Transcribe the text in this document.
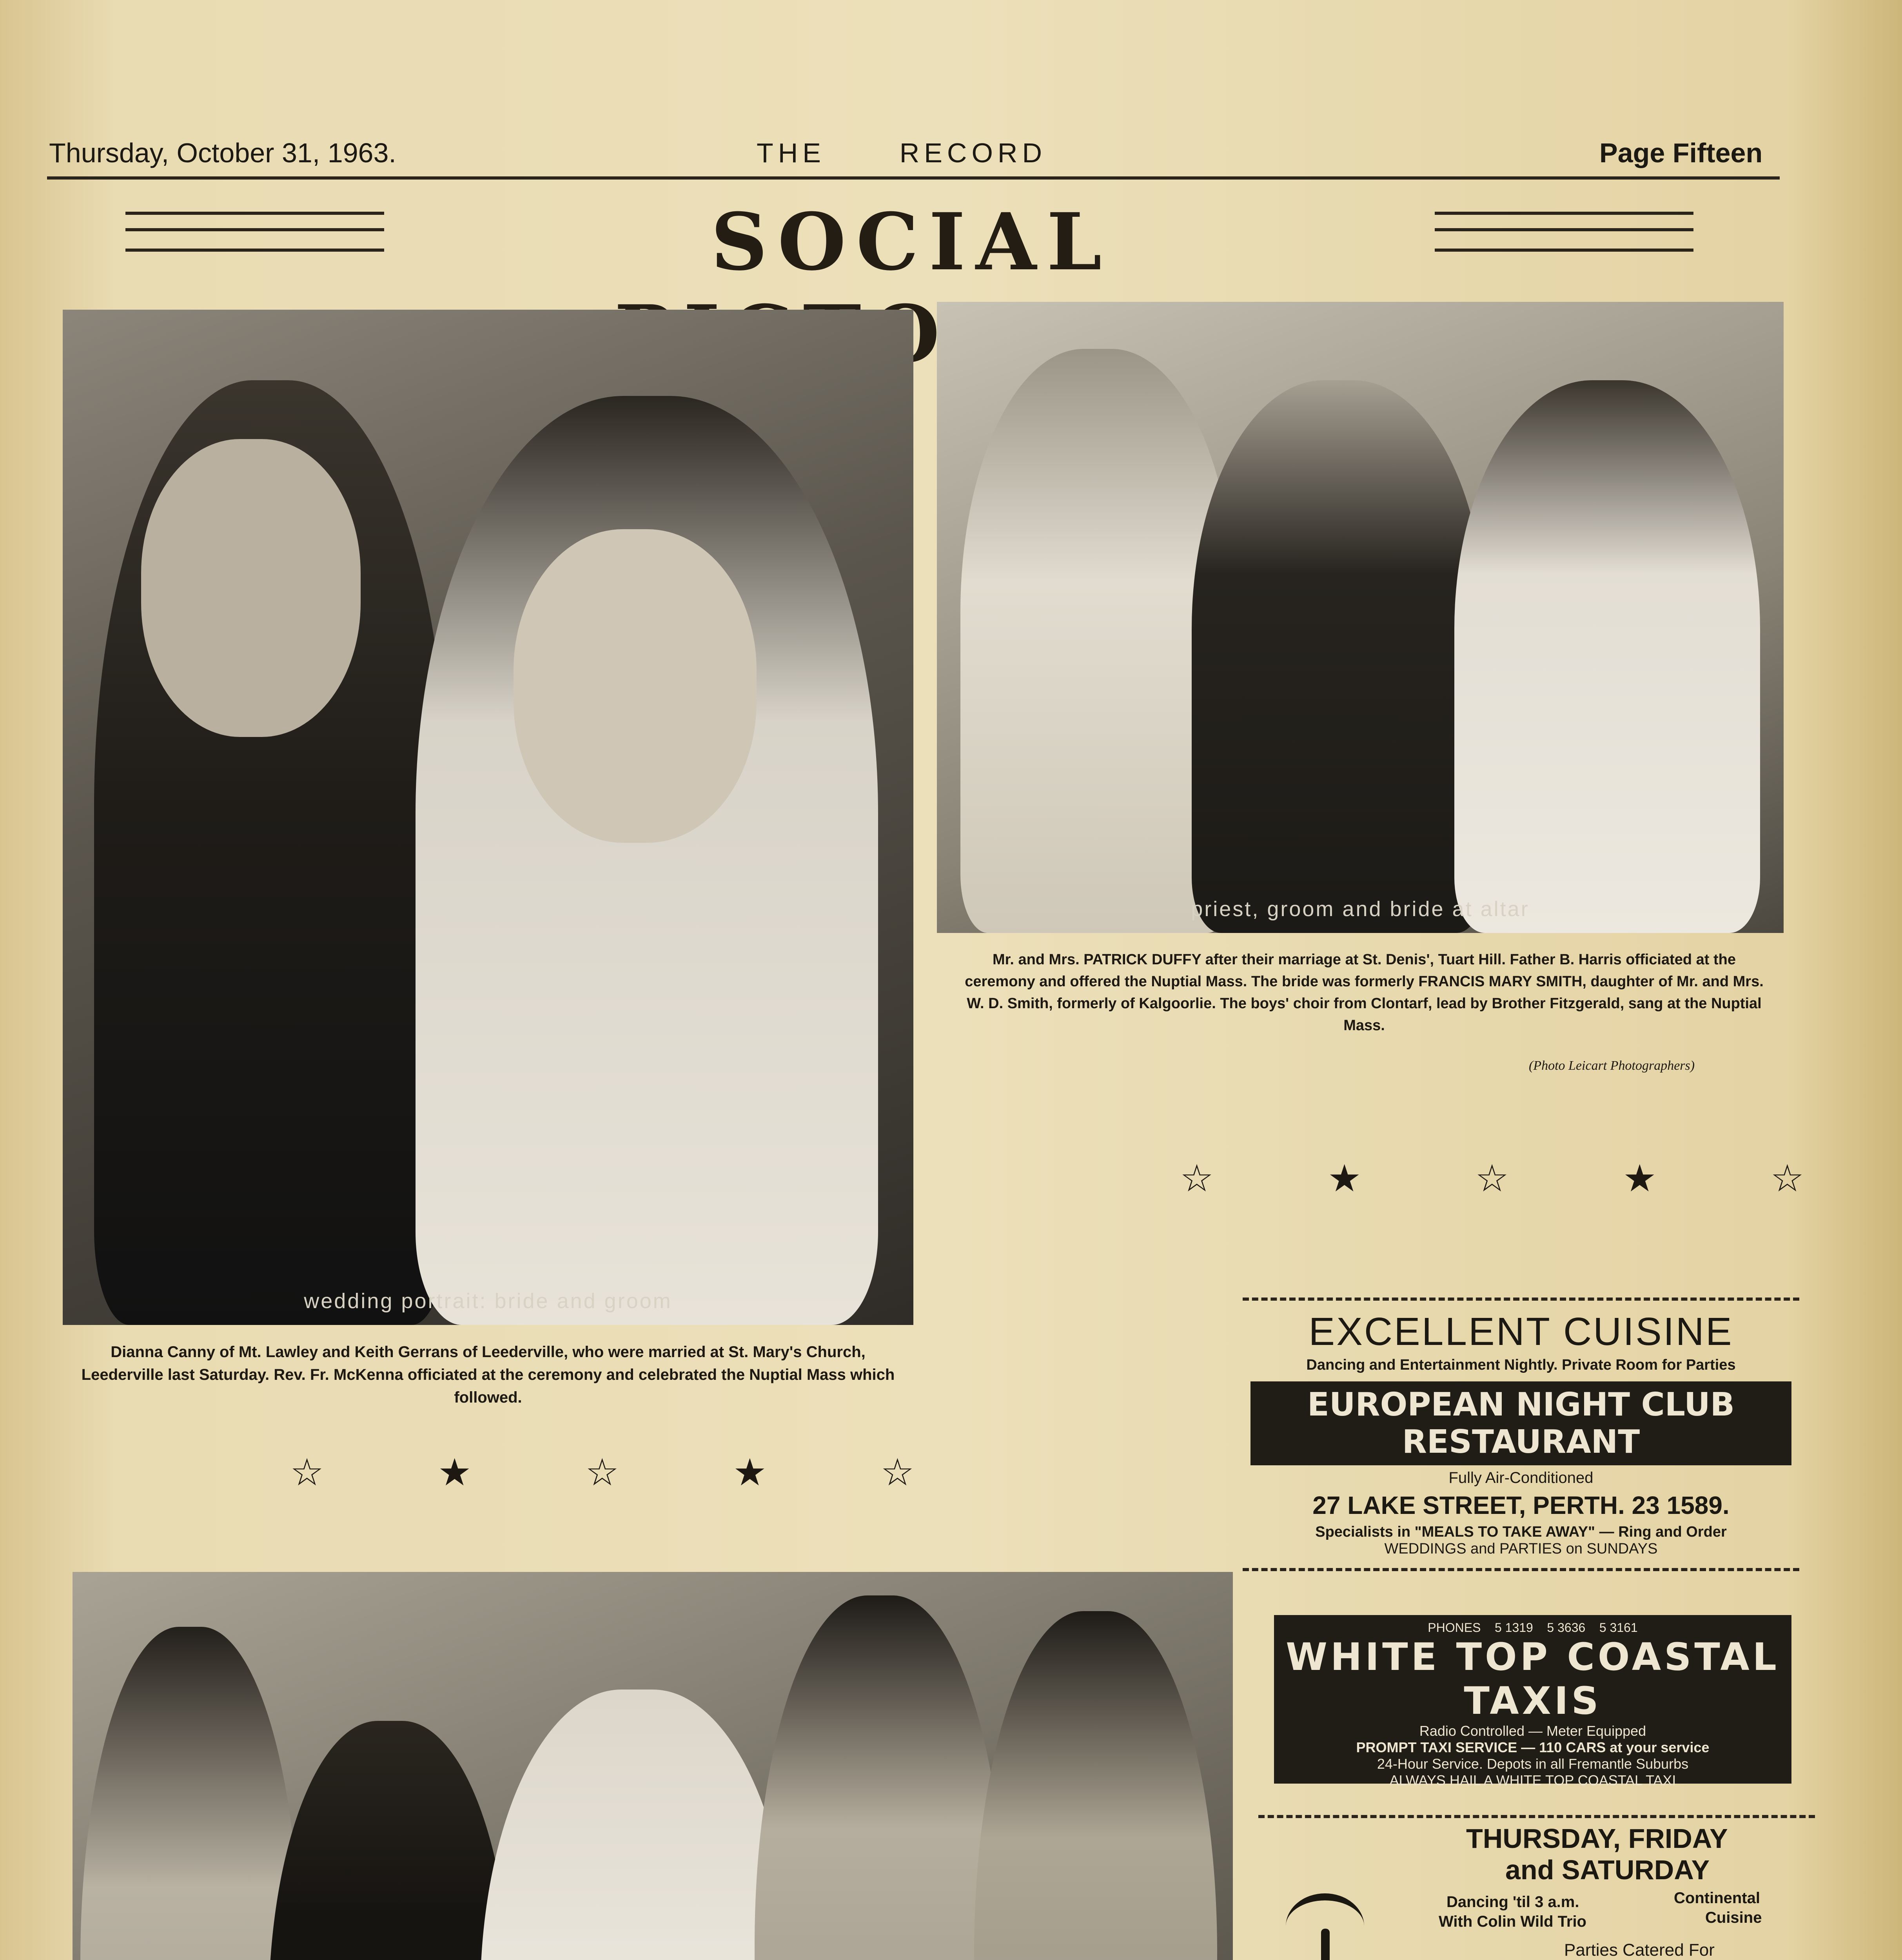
Thursday, October 31, 1963.	THE      RECORD	Page Fifteen
SOCIAL
wedding portrait: bride and groom
Dianna Canny of Mt. Lawley and Keith Gerrans of Leederville, who were married at St. Mary's Church, Leederville last Saturday. Rev. Fr. McKenna officiated at the ceremony and celebrated the Nuptial Mass which followed.
☆ ★ ☆ ★ ☆
priest, groom and bride at altar
Mr. and Mrs. PATRICK DUFFY after their marriage at St. Denis', Tuart Hill. Father B. Harris officiated at the ceremony and offered the Nuptial Mass. The bride was formerly FRANCIS MARY SMITH, daughter of Mr. and Mrs. W. D. Smith, formerly of Kalgoorlie. The boys' choir from Clontarf, lead by Brother Fitzgerald, sang at the Nuptial Mass.
(Photo Leicart Photographers)
☆ ★ ☆ ★ ☆
EXCELLENT CUISINE
Dancing and Entertainment Nightly. Private Room for Parties
EUROPEAN NIGHT CLUB RESTAURANT
Fully Air-Conditioned
27 LAKE STREET, PERTH. 23 1589.
Specialists in "MEALS TO TAKE AWAY" — Ring and Order
WEDDINGS and PARTIES on SUNDAYS
PHONES    5 1319    5 3636    5 3161
WHITE TOP COASTAL TAXIS
Radio Controlled — Meter Equipped
PROMPT TAXI SERVICE — 110 CARS at your service
24-Hour Service. Depots in all Fremantle Suburbs
ALWAYS HAIL A WHITE TOP COASTAL TAXI
THURSDAY, FRIDAY
and SATURDAY
Dancing 'til 3 a.m.
With Colin Wild Trio
Continental
Cuisine
Parties Catered For
